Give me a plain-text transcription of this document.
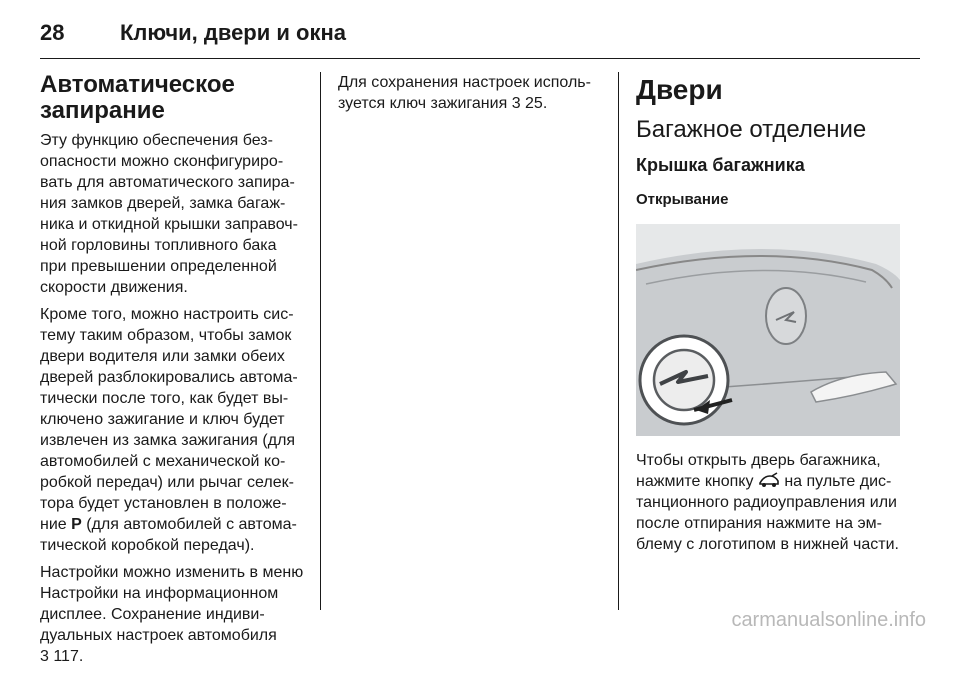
28	Ключи, двери и окна
Автоматическое
запирание

Эту функцию обеспечения без-
опасности можно сконфигуриро-
вать для автоматического запира-
ния замков дверей, замка багаж-
ника и откидной крышки заправоч-
ной горловины топливного бака
при превышении определенной
скорости движения.

Кроме того, можно настроить сис-
тему таким образом, чтобы замок
двери водителя или замки обеих
дверей разблокировались автома-
тически после того, как будет вы-
ключено зажигание и ключ будет
извлечен из замка зажигания (для
автомобилей с механической ко-
робкой передач) или рычаг селек-
тора будет установлен в положе-
ние P (для автомобилей с автома-
тической коробкой передач).

Настройки можно изменить в меню
Настройки на информационном
дисплее. Сохранение индиви-
дуальных настроек автомобиля
3 117.

Для сохранения настроек исполь-
зуется ключ зажигания 3 25.	Двери
Багажное отделение
Крышка багажника
Открывание

Чтобы открыть дверь багажника,
нажмите кнопку  на пульте дис-
танционного радиоуправления или
после отпирания нажмите на эм-
блему с логотипом в нижней части.

carmanualsonline.info
